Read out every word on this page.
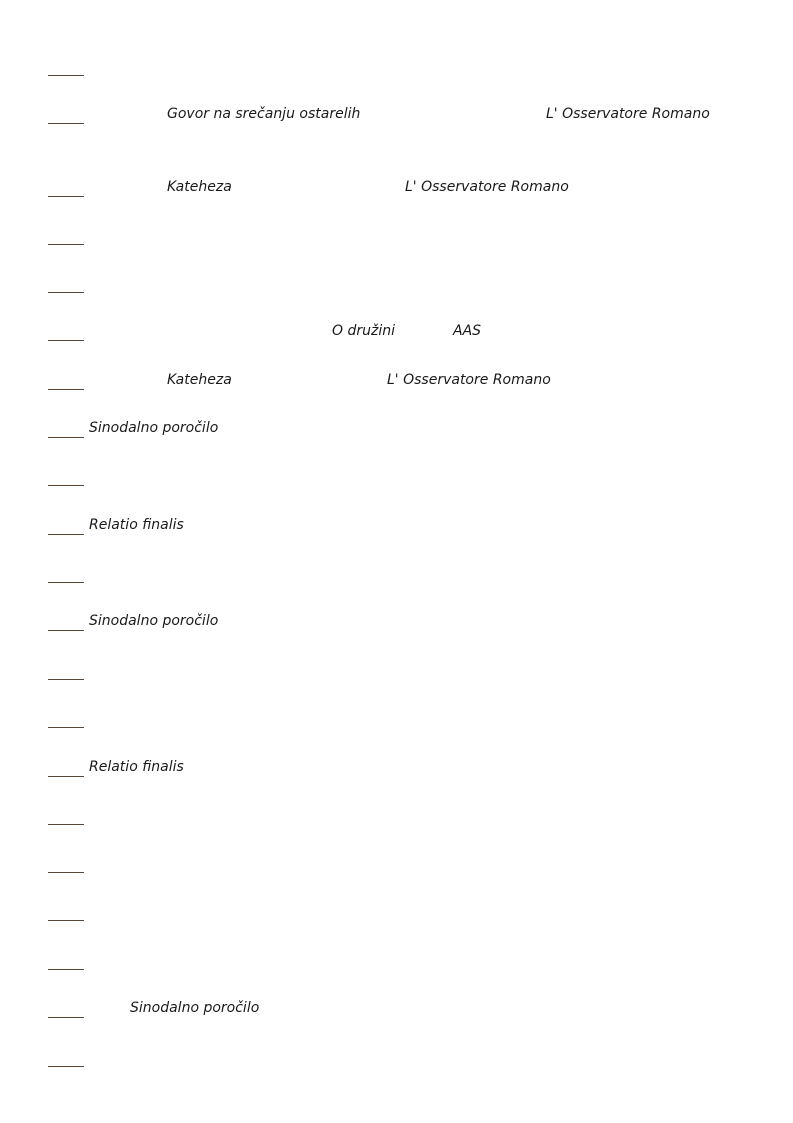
Govor na srečanju ostarelih	L' Osservatore Romano
Kateheza	L' Osservatore Romano
O družini	AAS
Kateheza	L' Osservatore Romano
Sinodalno poročilo
Relatio finalis
Sinodalno poročilo
Relatio finalis
Sinodalno poročilo
